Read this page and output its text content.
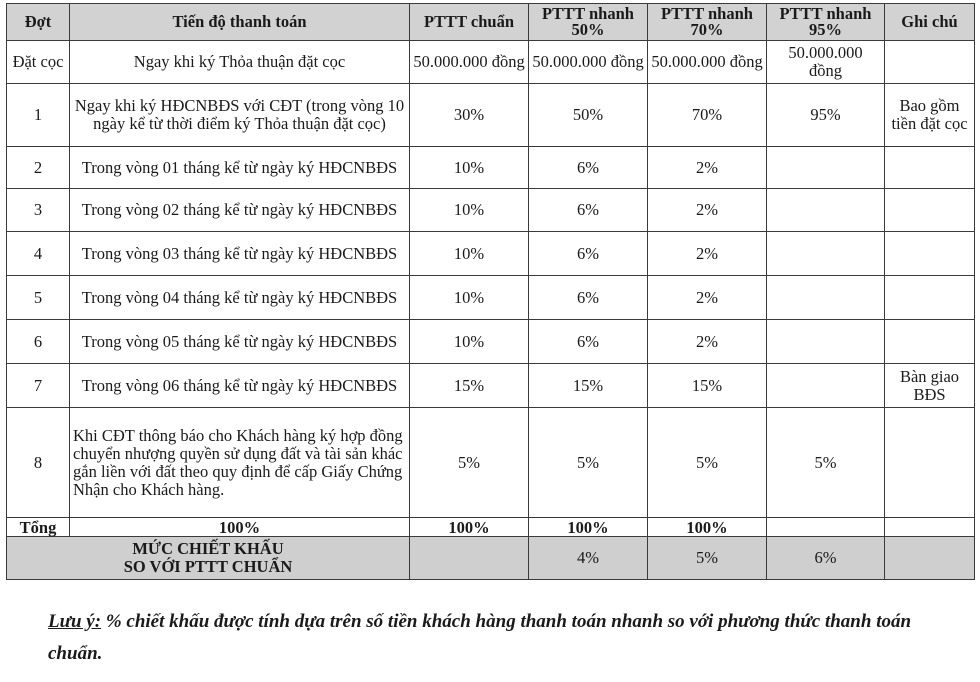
Đợt	Tiến độ thanh toán	PTTT chuẩn	PTTT nhanh 50%	PTTT nhanh 70%	PTTT nhanh 95%	Ghi chú
Đặt cọc	Ngay khi ký Thỏa thuận đặt cọc	50.000.000 đồng	50.000.000 đồng	50.000.000 đồng	50.000.000 đồng	
1	Ngay khi ký HĐCNBĐS với CĐT (trong vòng 10 ngày kể từ thời điểm ký Thỏa thuận đặt cọc)	30%	50%	70%	95%	Bao gồm tiền đặt cọc
2	Trong vòng 01 tháng kể từ ngày ký HĐCNBĐS	10%	6%	2%		
3	Trong vòng 02 tháng kể từ ngày ký HĐCNBĐS	10%	6%	2%		
4	Trong vòng 03 tháng kể từ ngày ký HĐCNBĐS	10%	6%	2%		
5	Trong vòng 04 tháng kể từ ngày ký HĐCNBĐS	10%	6%	2%		
6	Trong vòng 05 tháng kể từ ngày ký HĐCNBĐS	10%	6%	2%		
7	Trong vòng 06 tháng kể từ ngày ký HĐCNBĐS	15%	15%	15%		Bàn giao BĐS
8	Khi CĐT thông báo cho Khách hàng ký hợp đồng chuyển nhượng quyền sử dụng đất và tài sản khác gắn liền với đất theo quy định để cấp Giấy Chứng Nhận cho Khách hàng.	5%	5%	5%	5%	
Tổng	100%	100%	100%	100%		

MỨC CHIẾT KHẤU
SO VỚI PTTT CHUẨN			4%	5%	6%	
Lưu ý: % chiết khấu được tính dựa trên số tiền khách hàng thanh toán nhanh so với phương thức thanh toán chuẩn.
